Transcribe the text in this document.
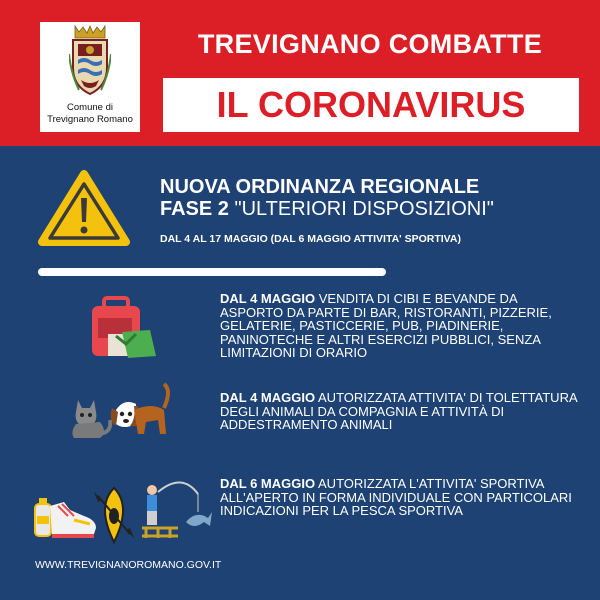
Comune di
Trevignano Romano
TREVIGNANO COMBATTE
IL CORONAVIRUS
NUOVA ORDINANZA REGIONALE
FASE 2 "ULTERIORI DISPOSIZIONI"
DAL 4 AL 17 MAGGIO (DAL 6 MAGGIO ATTIVITA' SPORTIVA)
DAL 4 MAGGIO VENDITA DI CIBI E BEVANDE DA ASPORTO DA PARTE DI BAR, RISTORANTI, PIZZERIE, GELATERIE, PASTICCERIE, PUB, PIADINERIE, PANINOTECHE E ALTRI ESERCIZI PUBBLICI, SENZA LIMITAZIONI DI ORARIO
DAL 4 MAGGIO AUTORIZZATA ATTIVITA' DI TOLETTATURA DEGLI ANIMALI DA COMPAGNIA E ATTIVITÀ DI ADDESTRAMENTO ANIMALI
DAL 6 MAGGIO AUTORIZZATA L'ATTIVITA' SPORTIVA ALL'APERTO IN FORMA INDIVIDUALE CON PARTICOLARI INDICAZIONI PER LA PESCA SPORTIVA
WWW.TREVIGNANOROMANO.GOV.IT
